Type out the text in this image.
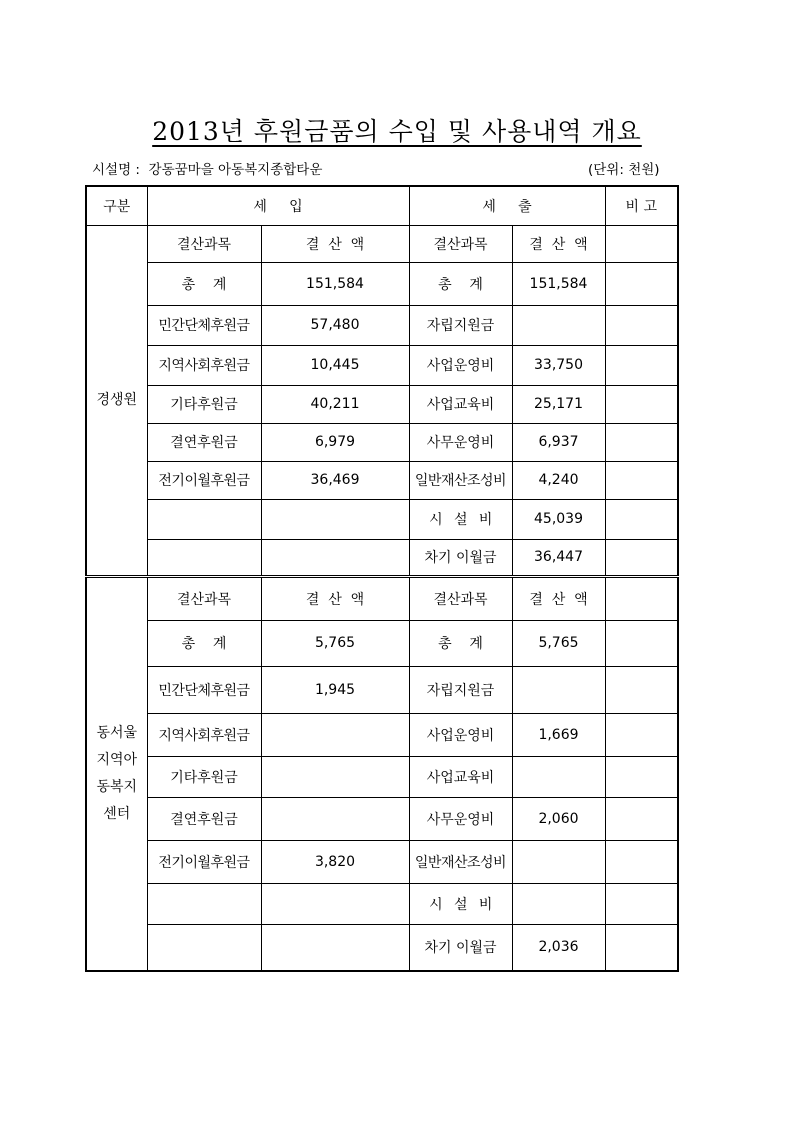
2013년 후원금품의 수입 및 사용내역 개요
시설명 :  강동꿈마을 아동복지종합타운	(단위: 천원)
구분	세     입		세     출		비 고

경생원	결산과목	결  산  액	결산과목	결  산  액	
	총    계	151,584	총    계	151,584	
	민간단체후원금	57,480	자립지원금		
	지역사회후원금	10,445	사업운영비	33,750	
	기타후원금	40,211	사업교육비	25,171	
	결연후원금	6,979	사무운영비	6,937	
	전기이월후원금	36,469	일반재산조성비	4,240	
			시   설   비	45,039	
			차기 이월금	36,447	

동서울
지역아
동복지
센터	결산과목	결  산  액	결산과목	결  산  액	
	총    계	5,765	총    계	5,765	
	민간단체후원금	1,945	자립지원금		
	지역사회후원금		사업운영비	1,669	
	기타후원금		사업교육비		
	결연후원금		사무운영비	2,060	
	전기이월후원금	3,820	일반재산조성비		
			시   설   비		
			차기 이월금	2,036	
